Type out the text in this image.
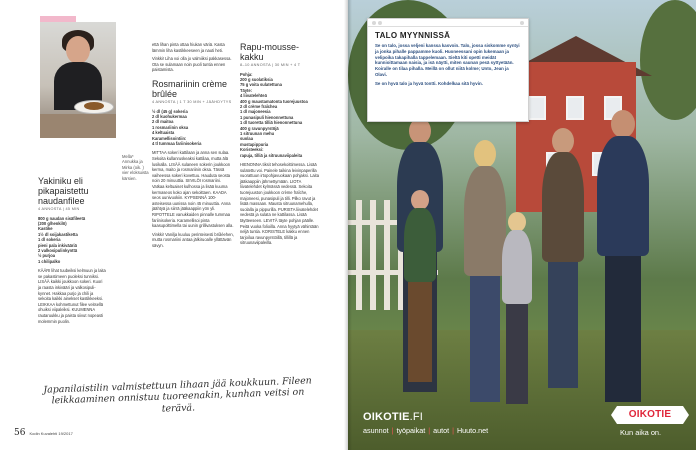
Mella* Annukka ja Mirka (oik. ) vier eloksuista kärsien.
Yakiniku eli pikapaistettu naudanfilee
4 ANNOSTA | 45 MIN
800 g naudan sisäfileetä
(200 g/henkilö)
Kastike
1½ dl soijakastiketta
1 dl sokeria
pieni pala inkivääriä
2 valkosipulinkynttä
½ purjoa
1 chilipalko

KÄÄRI lihat tuubeiksi kelmuun ja laita se pakastimeen puoleksi tunniksi. LISÄÄ kaikki joukkoon sokeri. Kuori ja raasta inkivääri ja valkosipuli-kynnet. Hakkaa purjo ja chili ja sekoita kaikki ainekset kastikkeeksi. LEIKKAA kohmettunut filee veitsellä ohuiksi viipaleiksi. KUUMENNA rautaruukku ja paista siivut nopeasti molemmin puolin.

että lihan pinta ottaa hiukan väriä. Kasta lämmin liha kastikkeeseen ja nauti heti.

Vinkki! Liha voi olla jo valmiiksi pakkasessa. Ota se sulamaan noin puoli tuntia ennen paistamista.

Rosmariinin crème brûlée
4 ANNOSTA | 1 T 30 MIN + JÄÄHDYTYS
½ dl (45 g) sokeria
2 dl kuohukermaa
2 dl maitoa
1 rosmariinin oksa
4 keltuaista
Karamellisointiin:
4 tl tummaa fariinisokeria

MITTAA sokeri kattilaan ja anna sen sulaa. Sekoita kullanruskeaksi kattilaa, mutta älä lusikalla. LISÄÄ sulaneen sokerin joukkoon kerma, maito ja rosmariinin oksa. Tässä vaiheessa sokeri kovettuu. Hauduta seosta noin 20 minuuttia. SIIVILÖI rosmariini. Vatkaa keltuaiset kulhossa ja lisää kuuma kermaseos koko ajan sekoittaen. KAADA seos uunivuokiin. KYPSENNÄ 100-asteisessa uunissa noin 45 minuuttia. Anna jäähtyä ja siirrä jääkaappiin yön yli. RIPOTTELE vanukkaiden pinnalle tummaa fariinisokeria. Karamellisoi pinta kaasupolttimella tai uunin grillivastuksen alla.

Vinkki! Vanilja kuuluu perinteisesti brûléehen, mutta rosmariini antaa jälkiruoalle yllättävän sävyn.

Rapu-mousse-kakku
8–10 ANNOSTA | 30 MIN + 4 T
Pohja:
200 g suolatiksia
75 g voita sulatettuna
Täyte:
4 liivatelehteä
400 g maustamatonta tuorejuustoa
2 dl crème fraîchea
1 dl majoneesia
1 punasipuli hienonnettuna
1 dl tuoretta tilliä hienonnettuna
400 g ravunpyrstöjä
1 sitruunan mehu
suolaa
mustapippuria
Koristeeksi:
rapuja, tilliä ja sitruunaviipaleita

HIENONNA tiksit tehosekoittimessa. Lisää sulatettu voi. Painele taikina leivinpaperilla vuorattuun irtopohjavuokaan pohjaksi. Laita jääkaappiin jähmettymään. LIOTA liivatelehdet kylmässä vedessä. Sekoita tuorejuuston joukkoon crème fraîche, majoneesi, punasipuli ja tilli. Pilko ravut ja lisää massaan. Mausta sitruunamehulla, suolalla ja pippurilla. PURISTA liivatelehdet vedestä ja sulata ne kattilassa. Lisää täytteeseen. LEVITÄ täyte pohjan päälle. Peitä vuoka folioilla. Anna hyytyä vähintään neljä tuntia. KORISTELE kakku ennen tarjoilua ravunpyrstöillä, tillillä ja sitruunaviipaleilla.

Japanilaistilin valmistettuun lihaan jää koukkuun. Fileen leikkaaminen onnistuu tuoreenakin, kunhan veitsi on terävä.
56 Kodin Kuvalehti 19/2017
TALO MYYNNISSÄ

Se on talo, jossa veljeni kanssa kasvoin. Talo, jossa siskomme syntyi ja jonka pihalle pappamme kuoli. Huoneessani opin lukemaan ja velipoika takapihalla tappelemaan. Sieltä kiti opetti meidät kunnioittamaan naisia, ja isä näytti, miten saunan pesä syttyetään. Koiralle on tilaa pihalla. Meillä on ollut niitä kolme; Unto, Jean ja Olavi.

Se on hyvä talo ja hyvä tontti. Kohdelkaa sitä hyvin.

OIKOTIE.FI
asunnot | työpaikat | autot | Huuto.net
OIKOTIE
Kun aika on.
